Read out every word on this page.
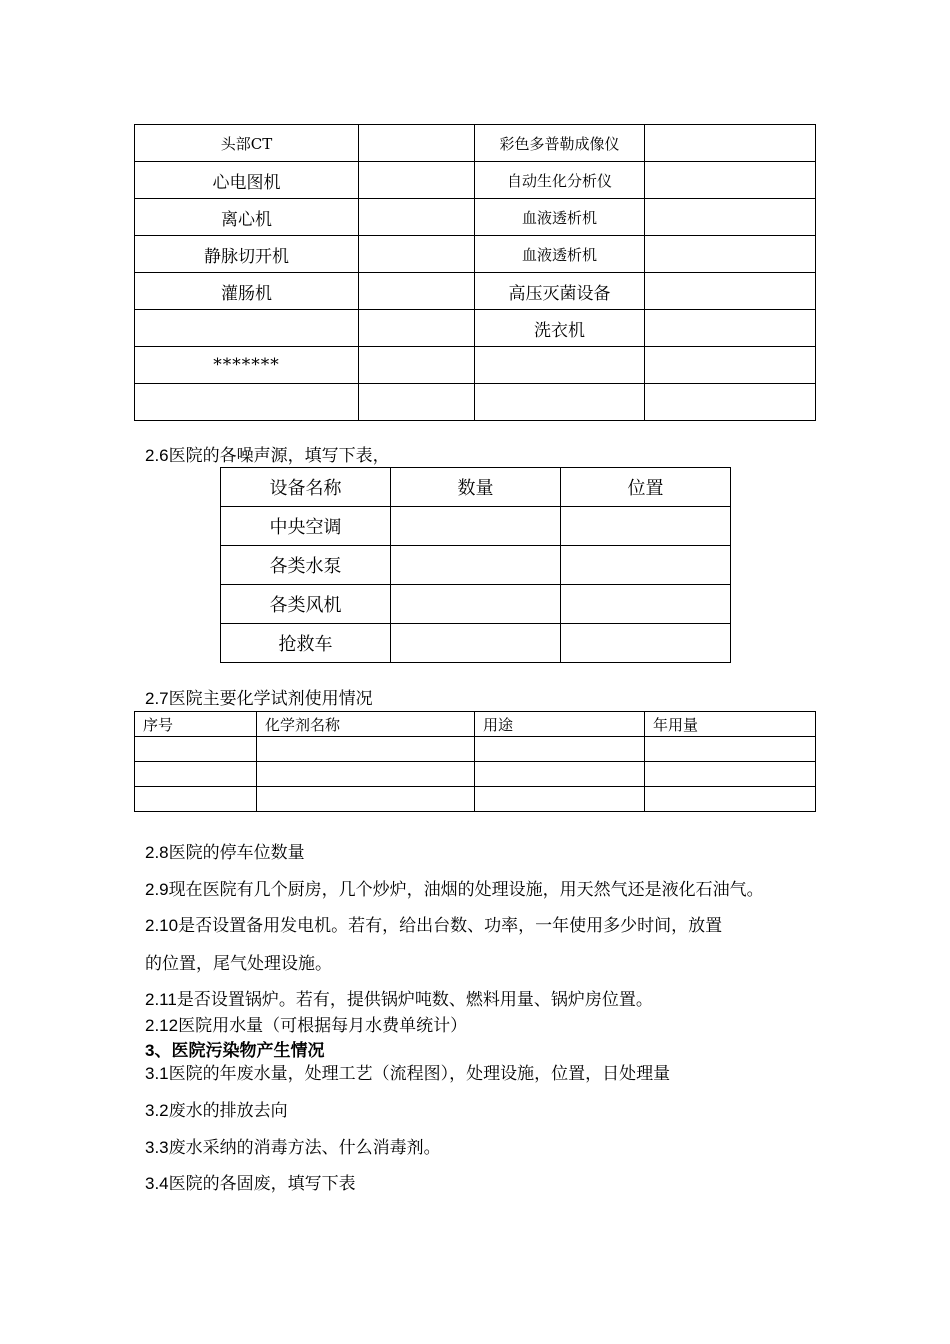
头部CT		彩色多普勒成像仪	
心电图机		自动生化分析仪	
离心机		血液透析机	
静脉切开机		血液透析机	
灌肠机		高压灭菌设备	
		洗衣机	
*******			

2.6医院的各噪声源，填写下表，
设备名称	数量	位置
中央空调		
各类水泵		
各类风机		
抢救车		
2.7医院主要化学试剂使用情况
序号	化学剂名称	用途	年用量

2.8医院的停车位数量
2.9现在医院有几个厨房，几个炒炉，油烟的处理设施，用天然气还是液化石油气。
2.10是否设置备用发电机。若有，给出台数、功率，一年使用多少时间，放置
的位置，尾气处理设施。
2.11是否设置锅炉。若有，提供锅炉吨数、燃料用量、锅炉房位置。
2.12医院用水量（可根据每月水费单统计）
3、医院污染物产生情况
3.1医院的年废水量，处理工艺（流程图），处理设施，位置，日处理量
3.2废水的排放去向
3.3废水采纳的消毒方法、什么消毒剂。
3.4医院的各固废，填写下表
